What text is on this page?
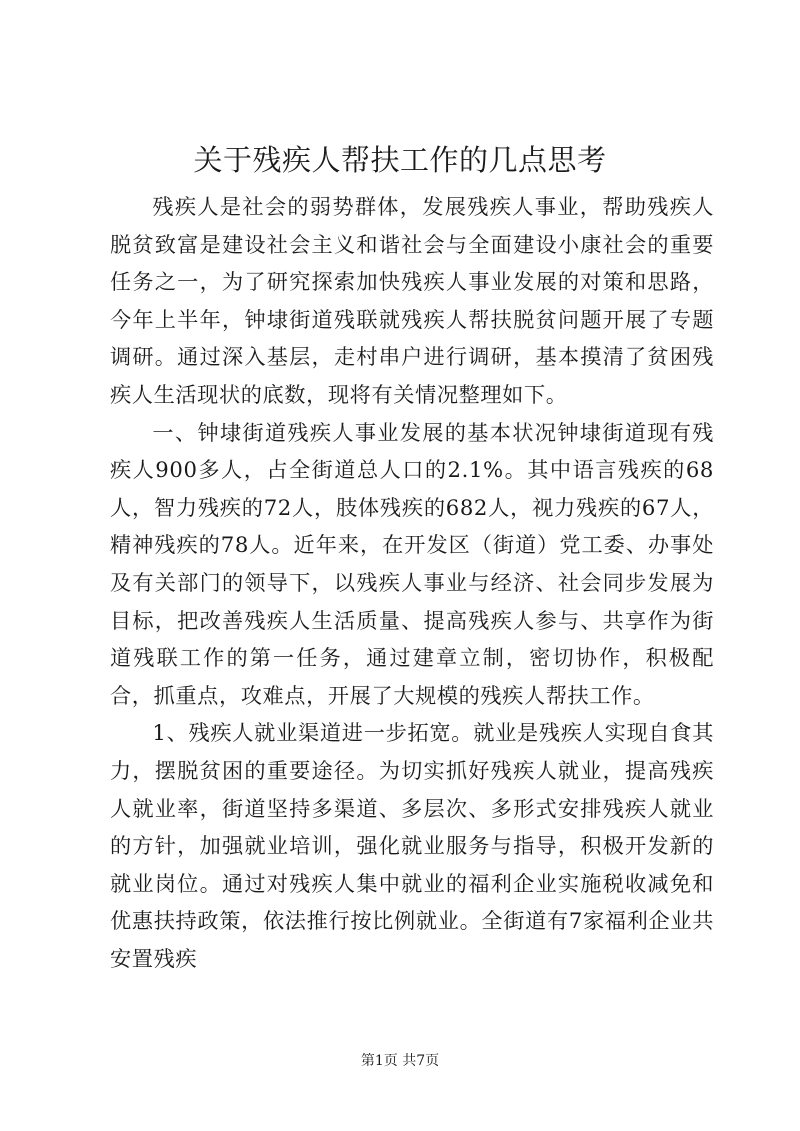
关于残疾人帮扶工作的几点思考

残疾人是社会的弱势群体，发展残疾人事业，帮助残疾人脱贫致富是建设社会主义和谐社会与全面建设小康社会的重要任务之一，为了研究探索加快残疾人事业发展的对策和思路，今年上半年，钟埭街道残联就残疾人帮扶脱贫问题开展了专题调研。通过深入基层，走村串户进行调研，基本摸清了贫困残疾人生活现状的底数，现将有关情况整理如下。

一、钟埭街道残疾人事业发展的基本状况钟埭街道现有残疾人900多人，占全街道总人口的2.1%。其中语言残疾的68人，智力残疾的72人，肢体残疾的682人，视力残疾的67人，精神残疾的78人。近年来，在开发区（街道）党工委、办事处及有关部门的领导下，以残疾人事业与经济、社会同步发展为目标，把改善残疾人生活质量、提高残疾人参与、共享作为街道残联工作的第一任务，通过建章立制，密切协作，积极配合，抓重点，攻难点，开展了大规模的残疾人帮扶工作。

1、残疾人就业渠道进一步拓宽。就业是残疾人实现自食其力，摆脱贫困的重要途径。为切实抓好残疾人就业，提高残疾人就业率，街道坚持多渠道、多层次、多形式安排残疾人就业的方针，加强就业培训，强化就业服务与指导，积极开发新的就业岗位。通过对残疾人集中就业的福利企业实施税收减免和优惠扶持政策，依法推行按比例就业。全街道有7家福利企业共安置残疾

第1页 共7页
